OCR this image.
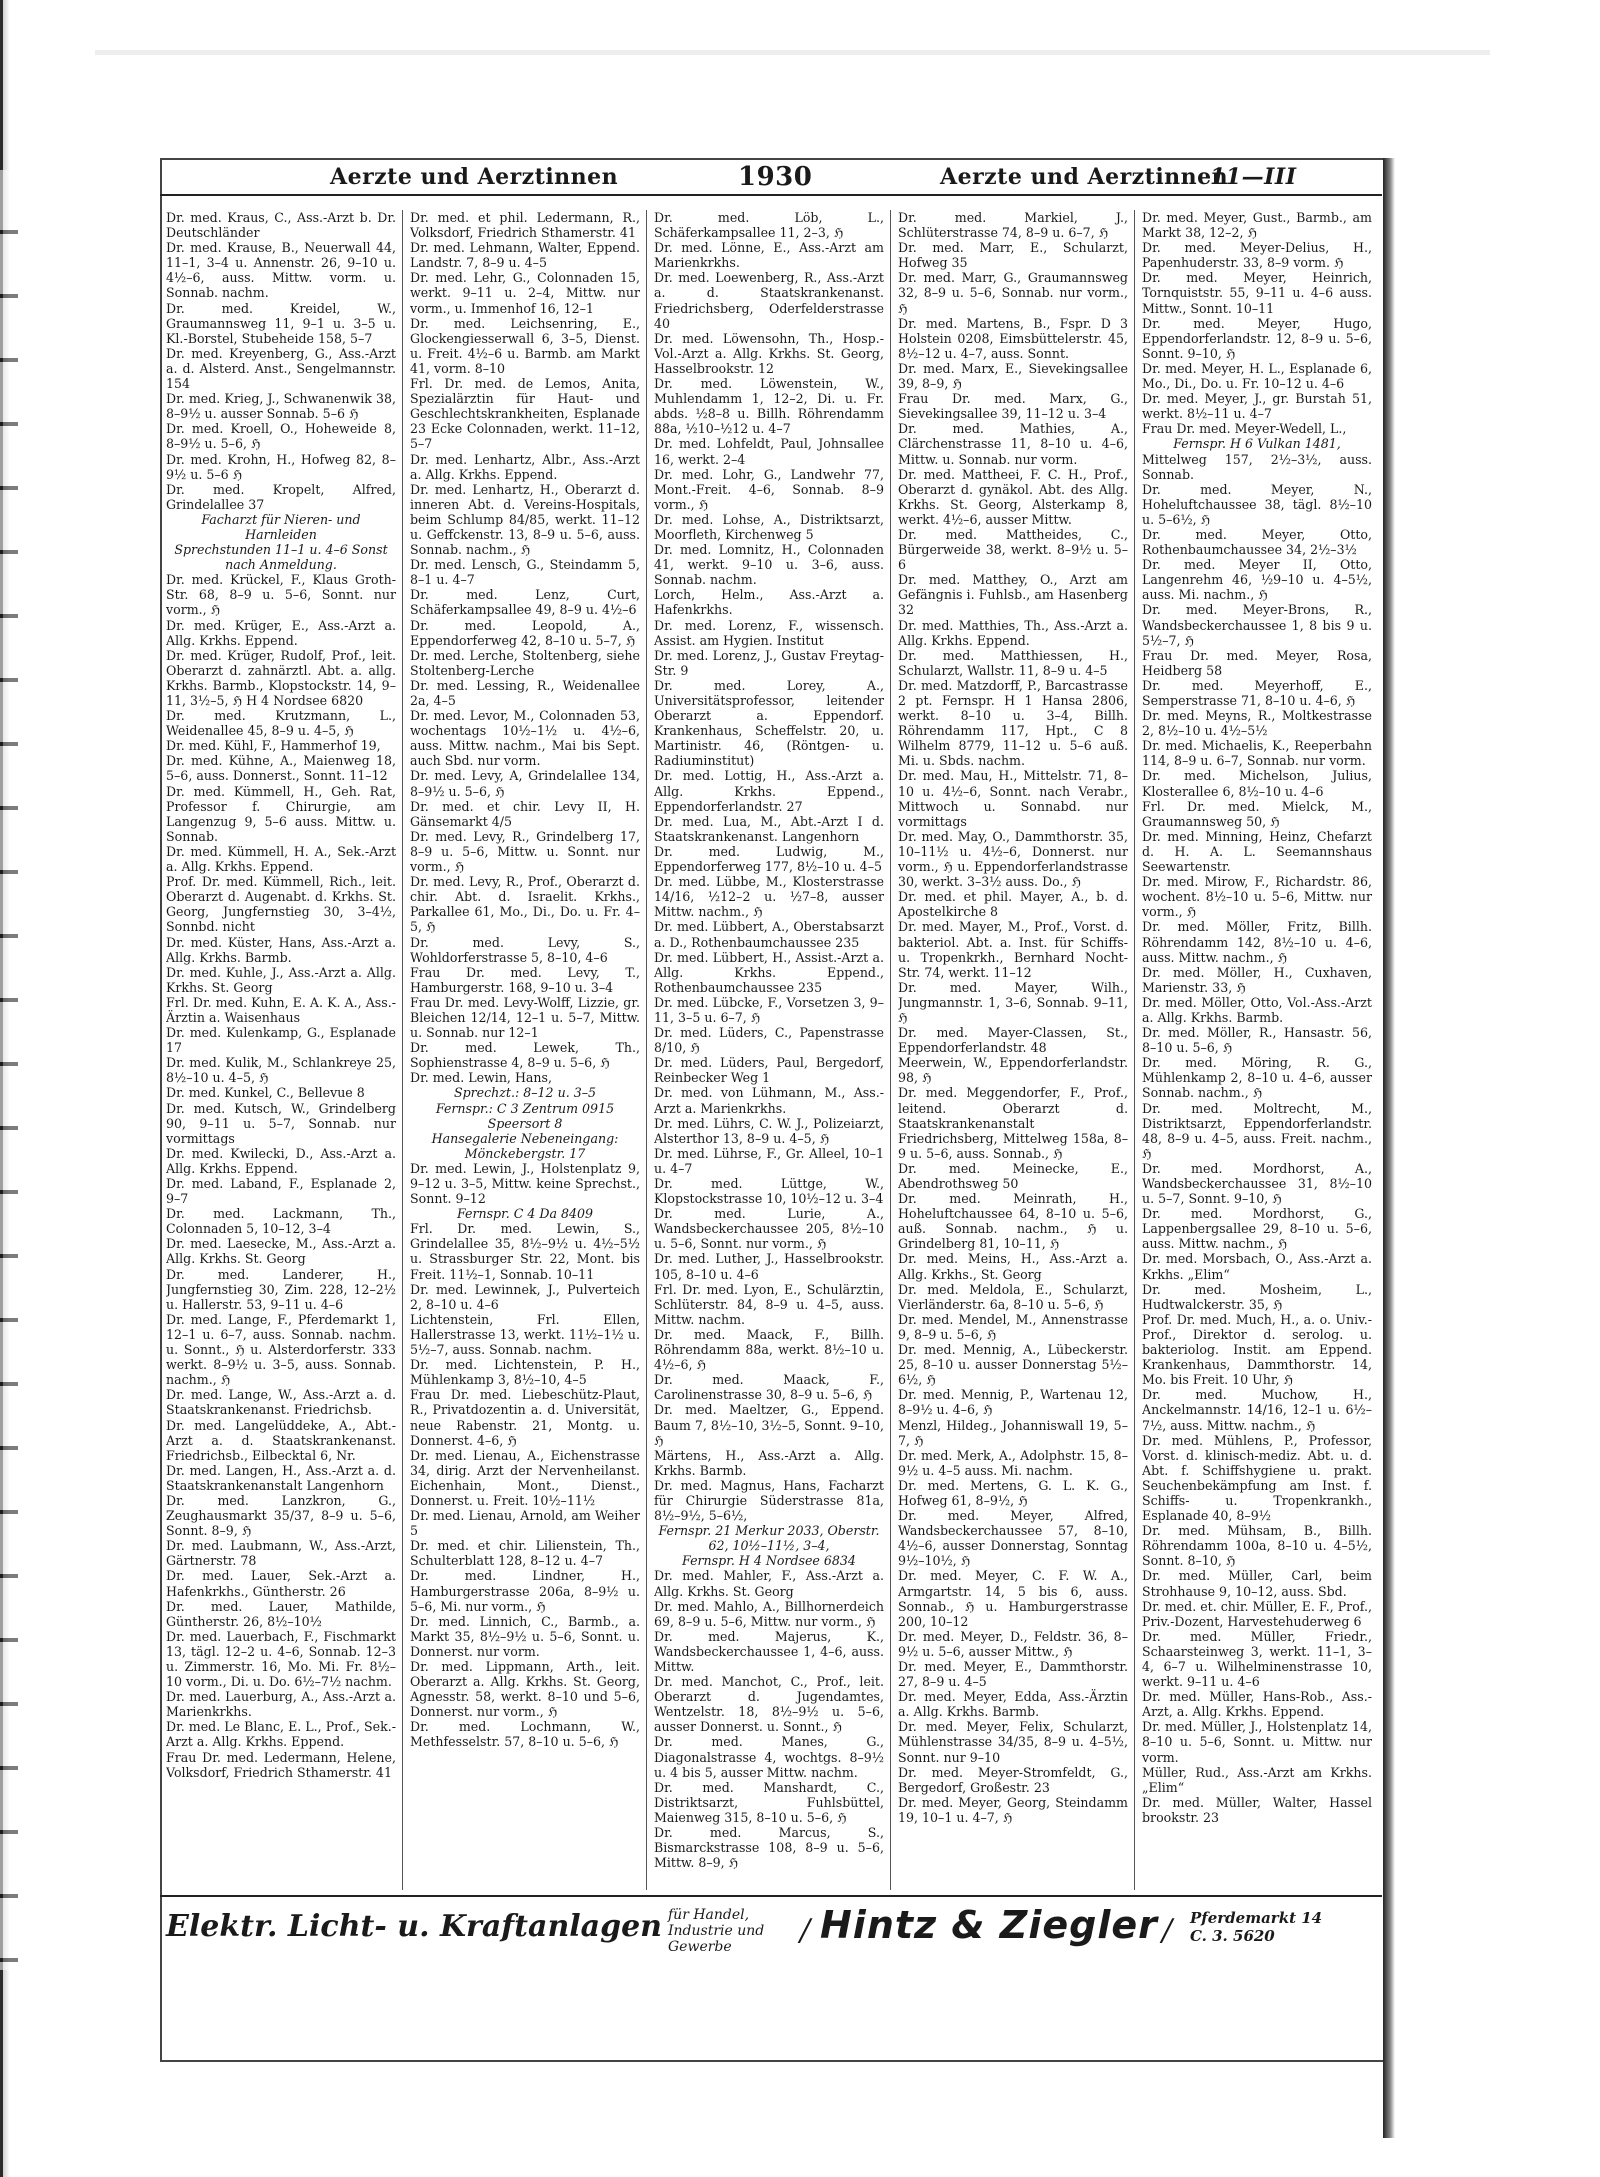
Aerzte und Aerztinnen	1930	Aerzte und Aerztinnen
11—III
Dr. med. Kraus, C., Ass.-Arzt b. Dr. Deutschländer
Dr. med. Krause, B., Neuerwall 44, 11–1, 3–4 u. Annenstr. 26, 9–10 u. 4½–6, auss. Mittw. vorm. u. Sonnab. nachm.
Dr. med. Kreidel, W., Graumannsweg 11, 9–1 u. 3–5 u. Kl.-Borstel, Stubeheide 158, 5–7
Dr. med. Kreyenberg, G., Ass.-Arzt a. d. Alsterd. Anst., Sengelmannstr. 154
Dr. med. Krieg, J., Schwanenwik 38, 8–9½ u. ausser Sonnab. 5–6 ℌ
Dr. med. Kroell, O., Hoheweide 8, 8–9½ u. 5–6, ℌ
Dr. med. Krohn, H., Hofweg 82, 8–9½ u. 5–6 ℌ
Dr. med. Kropelt, Alfred, Grindelallee 37
Facharzt für Nieren- und Harnleiden
Sprechstunden 11–1 u. 4–6 Sonst nach Anmeldung.
Dr. med. Krückel, F., Klaus Groth-Str. 68, 8–9 u. 5–6, Sonnt. nur vorm., ℌ
Dr. med. Krüger, E., Ass.-Arzt a. Allg. Krkhs. Eppend.
Dr. med. Krüger, Rudolf, Prof., leit. Oberarzt d. zahnärztl. Abt. a. allg. Krkhs. Barmb., Klopstockstr. 14, 9–11, 3½–5, ℌ H 4 Nordsee 6820
Dr. med. Krutzmann, L., Weidenallee 45, 8–9 u. 4–5, ℌ
Dr. med. Kühl, F., Hammerhof 19,
Dr. med. Kühne, A., Maienweg 18, 5–6, auss. Donnerst., Sonnt. 11–12
Dr. med. Kümmell, H., Geh. Rat, Professor f. Chirurgie, am Langenzug 9, 5–6 auss. Mittw. u. Sonnab.
Dr. med. Kümmell, H. A., Sek.-Arzt a. Allg. Krkhs. Eppend.
Prof. Dr. med. Kümmell, Rich., leit. Oberarzt d. Augenabt. d. Krkhs. St. Georg, Jungfernstieg 30, 3–4½, Sonnbd. nicht
Dr. med. Küster, Hans, Ass.-Arzt a. Allg. Krkhs. Barmb.
Dr. med. Kuhle, J., Ass.-Arzt a. Allg. Krkhs. St. Georg
Frl. Dr. med. Kuhn, E. A. K. A., Ass.-Ärztin a. Waisenhaus
Dr. med. Kulenkamp, G., Esplanade 17
Dr. med. Kulik, M., Schlankreye 25, 8½–10 u. 4–5, ℌ
Dr. med. Kunkel, C., Bellevue 8
Dr. med. Kutsch, W., Grindelberg 90, 9–11 u. 5–7, Sonnab. nur vormittags
Dr. med. Kwilecki, D., Ass.-Arzt a. Allg. Krkhs. Eppend.
Dr. med. Laband, F., Esplanade 2, 9–7
Dr. med. Lackmann, Th., Colonnaden 5, 10–12, 3–4
Dr. med. Laesecke, M., Ass.-Arzt a. Allg. Krkhs. St. Georg
Dr. med. Landerer, H., Jungfernstieg 30, Zim. 228, 12–2½ u. Hallerstr. 53, 9–11 u. 4–6
Dr. med. Lange, F., Pferdemarkt 1, 12–1 u. 6–7, auss. Sonnab. nachm. u. Sonnt., ℌ u. Alsterdorferstr. 333 werkt. 8–9½ u. 3–5, auss. Sonnab. nachm., ℌ
Dr. med. Lange, W., Ass.-Arzt a. d. Staatskrankenanst. Friedrichsb.
Dr. med. Langelüddeke, A., Abt.-Arzt a. d. Staatskrankenanst. Friedrichsb., Eilbecktal 6, Nr.
Dr. med. Langen, H., Ass.-Arzt a. d. Staatskrankenanstalt Langenhorn
Dr. med. Lanzkron, G., Zeughausmarkt 35/37, 8–9 u. 5–6, Sonnt. 8–9, ℌ
Dr. med. Laubmann, W., Ass.-Arzt, Gärtnerstr. 78
Dr. med. Lauer, Sek.-Arzt a. Hafenkrkhs., Güntherstr. 26
Dr. med. Lauer, Mathilde, Güntherstr. 26, 8½–10½
Dr. med. Lauerbach, F., Fischmarkt 13, tägl. 12–2 u. 4–6, Sonnab. 12–3 u. Zimmerstr. 16, Mo. Mi. Fr. 8½–10 vorm., Di. u. Do. 6½–7½ nachm.
Dr. med. Lauerburg, A., Ass.-Arzt a. Marienkrkhs.
Dr. med. Le Blanc, E. L., Prof., Sek.-Arzt a. Allg. Krkhs. Eppend.
Frau Dr. med. Ledermann, Helene, Volksdorf, Friedrich Sthamerstr. 41
Dr. med. et phil. Ledermann, R., Volksdorf, Friedrich Sthamerstr. 41
Dr. med. Lehmann, Walter, Eppend. Landstr. 7, 8–9 u. 4–5
Dr. med. Lehr, G., Colonnaden 15, werkt. 9–11 u. 2–4, Mittw. nur vorm., u. Immenhof 16, 12–1
Dr. med. Leichsenring, E., Glockengiesserwall 6, 3–5, Dienst. u. Freit. 4½–6 u. Barmb. am Markt 41, vorm. 8–10
Frl. Dr. med. de Lemos, Anita, Spezialärztin für Haut- und Geschlechtskrankheiten, Esplanade 23 Ecke Colonnaden, werkt. 11–12, 5–7
Dr. med. Lenhartz, Albr., Ass.-Arzt a. Allg. Krkhs. Eppend.
Dr. med. Lenhartz, H., Oberarzt d. inneren Abt. d. Vereins-Hospitals, beim Schlump 84/85, werkt. 11–12 u. Geffckenstr. 13, 8–9 u. 5–6, auss. Sonnab. nachm., ℌ
Dr. med. Lensch, G., Steindamm 5, 8–1 u. 4–7
Dr. med. Lenz, Curt, Schäferkampsallee 49, 8–9 u. 4½–6
Dr. med. Leopold, A., Eppendorferweg 42, 8–10 u. 5–7, ℌ
Dr. med. Lerche, Stoltenberg, siehe Stoltenberg-Lerche
Dr. med. Lessing, R., Weidenallee 2a, 4–5
Dr. med. Levor, M., Colonnaden 53, wochentags 10½–1½ u. 4½–6, auss. Mittw. nachm., Mai bis Sept. auch Sbd. nur vorm.
Dr. med. Levy, A, Grindelallee 134, 8–9½ u. 5–6, ℌ
Dr. med. et chir. Levy II, H. Gänsemarkt 4/5
Dr. med. Levy, R., Grindelberg 17, 8–9 u. 5–6, Mittw. u. Sonnt. nur vorm., ℌ
Dr. med. Levy, R., Prof., Oberarzt d. chir. Abt. d. Israelit. Krkhs., Parkallee 61, Mo., Di., Do. u. Fr. 4–5, ℌ
Dr. med. Levy, S., Wohldorferstrasse 5, 8–10, 4–6
Frau Dr. med. Levy, T., Hamburgerstr. 168, 9–10 u. 3–4
Frau Dr. med. Levy-Wolff, Lizzie, gr. Bleichen 12/14, 12–1 u. 5–7, Mittw. u. Sonnab. nur 12–1
Dr. med. Lewek, Th., Sophienstrasse 4, 8–9 u. 5–6, ℌ
Dr. med. Lewin, Hans,
Sprechzt.: 8–12 u. 3–5
Fernspr.: C 3 Zentrum 0915 Speersort 8
Hansegalerie Nebeneingang: Mönckebergstr. 17
Dr. med. Lewin, J., Holstenplatz 9, 9–12 u. 3–5, Mittw. keine Sprechst., Sonnt. 9–12
Fernspr. C 4 Da 8409
Frl. Dr. med. Lewin, S., Grindelallee 35, 8½–9½ u. 4½–5½ u. Strassburger Str. 22, Mont. bis Freit. 11½–1, Sonnab. 10–11
Dr. med. Lewinnek, J., Pulverteich 2, 8–10 u. 4–6
Lichtenstein, Frl. Ellen, Hallerstrasse 13, werkt. 11½–1½ u. 5½–7, auss. Sonnab. nachm.
Dr. med. Lichtenstein, P. H., Mühlenkamp 3, 8½–10, 4–5
Frau Dr. med. Liebeschütz-Plaut, R., Privatdozentin a. d. Universität, neue Rabenstr. 21, Montg. u. Donnerst. 4–6, ℌ
Dr. med. Lienau, A., Eichenstrasse 34, dirig. Arzt der Nervenheilanst. Eichenhain, Mont., Dienst., Donnerst. u. Freit. 10½–11½
Dr. med. Lienau, Arnold, am Weiher 5
Dr. med. et chir. Lilienstein, Th., Schulterblatt 128, 8–12 u. 4–7
Dr. med. Lindner, H., Hamburgerstrasse 206a, 8–9½ u. 5–6, Mi. nur vorm., ℌ
Dr. med. Linnich, C., Barmb., a. Markt 35, 8½–9½ u. 5–6, Sonnt. u. Donnerst. nur vorm.
Dr. med. Lippmann, Arth., leit. Oberarzt a. Allg. Krkhs. St. Georg, Agnesstr. 58, werkt. 8–10 und 5–6, Donnerst. nur vorm., ℌ
Dr. med. Lochmann, W., Methfesselstr. 57, 8–10 u. 5–6, ℌ
Dr. med. Löb, L., Schäferkampsallee 11, 2–3, ℌ
Dr. med. Lönne, E., Ass.-Arzt am Marienkrkhs.
Dr. med. Loewenberg, R., Ass.-Arzt a. d. Staatskrankenanst. Friedrichsberg, Oderfelderstrasse 40
Dr. med. Löwensohn, Th., Hosp.-Vol.-Arzt a. Allg. Krkhs. St. Georg, Hasselbrookstr. 12
Dr. med. Löwenstein, W., Muhlendamm 1, 12–2, Di. u. Fr. abds. ½8–8 u. Billh. Röhrendamm 88a, ½10–½12 u. 4–7
Dr. med. Lohfeldt, Paul, Johnsallee 16, werkt. 2–4
Dr. med. Lohr, G., Landwehr 77, Mont.-Freit. 4–6, Sonnab. 8–9 vorm., ℌ
Dr. med. Lohse, A., Distriktsarzt, Moorfleth, Kirchenweg 5
Dr. med. Lomnitz, H., Colonnaden 41, werkt. 9–10 u. 3–6, auss. Sonnab. nachm.
Lorch, Helm., Ass.-Arzt a. Hafenkrkhs.
Dr. med. Lorenz, F., wissensch. Assist. am Hygien. Institut
Dr. med. Lorenz, J., Gustav Freytag-Str. 9
Dr. med. Lorey, A., Universitätsprofessor, leitender Oberarzt a. Eppendorf. Krankenhaus, Scheffelstr. 20, u. Martinistr. 46, (Röntgen- u. Radiuminstitut)
Dr. med. Lottig, H., Ass.-Arzt a. Allg. Krkhs. Eppend., Eppendorferlandstr. 27
Dr. med. Lua, M., Abt.-Arzt I d. Staatskrankenanst. Langenhorn
Dr. med. Ludwig, M., Eppendorferweg 177, 8½–10 u. 4–5
Dr. med. Lübbe, M., Klosterstrasse 14/16, ½12–2 u. ½7–8, ausser Mittw. nachm., ℌ
Dr. med. Lübbert, A., Oberstabsarzt a. D., Rothenbaumchaussee 235
Dr. med. Lübbert, H., Assist.-Arzt a. Allg. Krkhs. Eppend., Rothenbaumchaussee 235
Dr. med. Lübcke, F., Vorsetzen 3, 9–11, 3–5 u. 6–7, ℌ
Dr. med. Lüders, C., Papenstrasse 8/10, ℌ
Dr. med. Lüders, Paul, Bergedorf, Reinbecker Weg 1
Dr. med. von Lühmann, M., Ass.-Arzt a. Marienkrkhs.
Dr. med. Lührs, C. W. J., Polizeiarzt, Alsterthor 13, 8–9 u. 4–5, ℌ
Dr. med. Lührse, F., Gr. Alleel, 10–1 u. 4–7
Dr. med. Lüttge, W., Klopstockstrasse 10, 10½–12 u. 3–4
Dr. med. Lurie, A., Wandsbeckerchaussee 205, 8½–10 u. 5–6, Sonnt. nur vorm., ℌ
Dr. med. Luther, J., Hasselbrookstr. 105, 8–10 u. 4–6
Frl. Dr. med. Lyon, E., Schulärztin, Schlüterstr. 84, 8–9 u. 4–5, auss. Mittw. nachm.
Dr. med. Maack, F., Billh. Röhrendamm 88a, werkt. 8½–10 u. 4½–6, ℌ
Dr. med. Maack, F., Carolinenstrasse 30, 8–9 u. 5–6, ℌ
Dr. med. Maeltzer, G., Eppend. Baum 7, 8½–10, 3½–5, Sonnt. 9–10, ℌ
Märtens, H., Ass.-Arzt a. Allg. Krkhs. Barmb.
Dr. med. Magnus, Hans, Facharzt für Chirurgie Süderstrasse 81a, 8½–9½, 5–6½,
Fernspr. 21 Merkur 2033, Oberstr. 62, 10½–11½, 3–4,
Fernspr. H 4 Nordsee 6834
Dr. med. Mahler, F., Ass.-Arzt a. Allg. Krkhs. St. Georg
Dr. med. Mahlo, A., Billhornerdeich 69, 8–9 u. 5–6, Mittw. nur vorm., ℌ
Dr. med. Majerus, K., Wandsbeckerchaussee 1, 4–6, auss. Mittw.
Dr. med. Manchot, C., Prof., leit. Oberarzt d. Jugendamtes, Wentzelstr. 18, 8½–9½ u. 5–6, ausser Donnerst. u. Sonnt., ℌ
Dr. med. Manes, G., Diagonalstrasse 4, wochtgs. 8–9½ u. 4 bis 5, ausser Mittw. nachm.
Dr. med. Manshardt, C., Distriktsarzt, Fuhlsbüttel, Maienweg 315, 8–10 u. 5–6, ℌ
Dr. med. Marcus, S., Bismarckstrasse 108, 8–9 u. 5–6, Mittw. 8–9, ℌ
Dr. med. Markiel, J., Schlüterstrasse 74, 8–9 u. 6–7, ℌ
Dr. med. Marr, E., Schularzt, Hofweg 35
Dr. med. Marr, G., Graumannsweg 32, 8–9 u. 5–6, Sonnab. nur vorm., ℌ
Dr. med. Martens, B., Fspr. D 3 Holstein 0208, Eimsbüttelerstr. 45, 8½–12 u. 4–7, auss. Sonnt.
Dr. med. Marx, E., Sievekingsallee 39, 8–9, ℌ
Frau Dr. med. Marx, G., Sievekingsallee 39, 11–12 u. 3–4
Dr. med. Mathies, A., Clärchenstrasse 11, 8–10 u. 4–6, Mittw. u. Sonnab. nur vorm.
Dr. med. Mattheei, F. C. H., Prof., Oberarzt d. gynäkol. Abt. des Allg. Krkhs. St. Georg, Alsterkamp 8, werkt. 4½–6, ausser Mittw.
Dr. med. Mattheides, C., Bürgerweide 38, werkt. 8–9½ u. 5–6
Dr. med. Matthey, O., Arzt am Gefängnis i. Fuhlsb., am Hasenberg 32
Dr. med. Matthies, Th., Ass.-Arzt a. Allg. Krkhs. Eppend.
Dr. med. Matthiessen, H., Schularzt, Wallstr. 11, 8–9 u. 4–5
Dr. med. Matzdorff, P., Barcastrasse 2 pt. Fernspr. H 1 Hansa 2806, werkt. 8–10 u. 3–4, Billh. Röhrendamm 117, Hpt., C 8 Wilhelm 8779, 11–12 u. 5–6 auß. Mi. u. Sbds. nachm.
Dr. med. Mau, H., Mittelstr. 71, 8–10 u. 4½–6, Sonnt. nach Verabr., Mittwoch u. Sonnabd. nur vormittags
Dr. med. May, O., Dammthorstr. 35, 10–11½ u. 4½–6, Donnerst. nur vorm., ℌ u. Eppendorferlandstrasse 30, werkt. 3–3½ auss. Do., ℌ
Dr. med. et phil. Mayer, A., b. d. Apostelkirche 8
Dr. med. Mayer, M., Prof., Vorst. d. bakteriol. Abt. a. Inst. für Schiffs- u. Tropenkrkh., Bernhard Nocht-Str. 74, werkt. 11–12
Dr. med. Mayer, Wilh., Jungmannstr. 1, 3–6, Sonnab. 9–11, ℌ
Dr. med. Mayer-Classen, St., Eppendorferlandstr. 48
Meerwein, W., Eppendorferlandstr. 98, ℌ
Dr. med. Meggendorfer, F., Prof., leitend. Oberarzt d. Staatskrankenanstalt Friedrichsberg, Mittelweg 158a, 8–9 u. 5–6, auss. Sonnab., ℌ
Dr. med. Meinecke, E., Abendrothsweg 50
Dr. med. Meinrath, H., Hoheluftchaussee 64, 8–10 u. 5–6, auß. Sonnab. nachm., ℌ u. Grindelberg 81, 10–11, ℌ
Dr. med. Meins, H., Ass.-Arzt a. Allg. Krkhs., St. Georg
Dr. med. Meldola, E., Schularzt, Vierländerstr. 6a, 8–10 u. 5–6, ℌ
Dr. med. Mendel, M., Annenstrasse 9, 8–9 u. 5–6, ℌ
Dr. med. Mennig, A., Lübeckerstr. 25, 8–10 u. ausser Donnerstag 5½–6½, ℌ
Dr. med. Mennig, P., Wartenau 12, 8–9½ u. 4–6, ℌ
Menzl, Hildeg., Johanniswall 19, 5–7, ℌ
Dr. med. Merk, A., Adolphstr. 15, 8–9½ u. 4–5 auss. Mi. nachm.
Dr. med. Mertens, G. L. K. G., Hofweg 61, 8–9½, ℌ
Dr. med. Meyer, Alfred, Wandsbeckerchaussee 57, 8–10, 4½–6, ausser Donnerstag, Sonntag 9½–10½, ℌ
Dr. med. Meyer, C. F. W. A., Armgartstr. 14, 5 bis 6, auss. Sonnab., ℌ u. Hamburgerstrasse 200, 10–12
Dr. med. Meyer, D., Feldstr. 36, 8–9½ u. 5–6, ausser Mittw., ℌ
Dr. med. Meyer, E., Dammthorstr. 27, 8–9 u. 4–5
Dr. med. Meyer, Edda, Ass.-Ärztin a. Allg. Krkhs. Barmb.
Dr. med. Meyer, Felix, Schularzt, Mühlenstrasse 34/35, 8–9 u. 4–5½, Sonnt. nur 9–10
Dr. med. Meyer-Stromfeldt, G., Bergedorf, Großestr. 23
Dr. med. Meyer, Georg, Steindamm 19, 10–1 u. 4–7, ℌ
Dr. med. Meyer, Gust., Barmb., am Markt 38, 12–2, ℌ
Dr. med. Meyer-Delius, H., Papenhuderstr. 33, 8–9 vorm. ℌ
Dr. med. Meyer, Heinrich, Tornquiststr. 55, 9–11 u. 4–6 auss. Mittw., Sonnt. 10–11
Dr. med. Meyer, Hugo, Eppendorferlandstr. 12, 8–9 u. 5–6, Sonnt. 9–10, ℌ
Dr. med. Meyer, H. L., Esplanade 6, Mo., Di., Do. u. Fr. 10–12 u. 4–6
Dr. med. Meyer, J., gr. Burstah 51, werkt. 8½–11 u. 4–7
Frau Dr. med. Meyer-Wedell, L.,
Fernspr. H 6 Vulkan 1481,
Mittelweg 157, 2½–3½, auss. Sonnab.
Dr. med. Meyer, N., Hoheluftchaussee 38, tägl. 8½–10 u. 5–6½, ℌ
Dr. med. Meyer, Otto, Rothenbaumchaussee 34, 2½–3½
Dr. med. Meyer II, Otto, Langenrehm 46, ½9–10 u. 4–5½, auss. Mi. nachm., ℌ
Dr. med. Meyer-Brons, R., Wandsbeckerchaussee 1, 8 bis 9 u. 5½–7, ℌ
Frau Dr. med. Meyer, Rosa, Heidberg 58
Dr. med. Meyerhoff, E., Semperstrasse 71, 8–10 u. 4–6, ℌ
Dr. med. Meyns, R., Moltkestrasse 2, 8½–10 u. 4½–5½
Dr. med. Michaelis, K., Reeperbahn 114, 8–9 u. 6–7, Sonnab. nur vorm.
Dr. med. Michelson, Julius, Klosterallee 6, 8½–10 u. 4–6
Frl. Dr. med. Mielck, M., Graumannsweg 50, ℌ
Dr. med. Minning, Heinz, Chefarzt d. H. A. L. Seemannshaus Seewartenstr.
Dr. med. Mirow, F., Richardstr. 86, wochent. 8½–10 u. 5–6, Mittw. nur vorm., ℌ
Dr. med. Möller, Fritz, Billh. Röhrendamm 142, 8½–10 u. 4–6, auss. Mittw. nachm., ℌ
Dr. med. Möller, H., Cuxhaven, Marienstr. 33, ℌ
Dr. med. Möller, Otto, Vol.-Ass.-Arzt a. Allg. Krkhs. Barmb.
Dr. med. Möller, R., Hansastr. 56, 8–10 u. 5–6, ℌ
Dr. med. Möring, R. G., Mühlenkamp 2, 8–10 u. 4–6, ausser Sonnab. nachm., ℌ
Dr. med. Moltrecht, M., Distriktsarzt, Eppendorferlandstr. 48, 8–9 u. 4–5, auss. Freit. nachm., ℌ
Dr. med. Mordhorst, A., Wandsbeckerchaussee 31, 8½–10 u. 5–7, Sonnt. 9–10, ℌ
Dr. med. Mordhorst, G., Lappenbergsallee 29, 8–10 u. 5–6, auss. Mittw. nachm., ℌ
Dr. med. Morsbach, O., Ass.-Arzt a. Krkhs. „Elim“
Dr. med. Mosheim, L., Hudtwalckerstr. 35, ℌ
Prof. Dr. med. Much, H., a. o. Univ.-Prof., Direktor d. serolog. u. bakteriolog. Instit. am Eppend. Krankenhaus, Dammthorstr. 14, Mo. bis Freit. 10 Uhr, ℌ
Dr. med. Muchow, H., Anckelmannstr. 14/16, 12–1 u. 6½–7½, auss. Mittw. nachm., ℌ
Dr. med. Mühlens, P., Professor, Vorst. d. klinisch-mediz. Abt. u. d. Abt. f. Schiffshygiene u. prakt. Seuchenbekämpfung am Inst. f. Schiffs- u. Tropenkrankh., Esplanade 40, 8–9½
Dr. med. Mühsam, B., Billh. Röhrendamm 100a, 8–10 u. 4–5½, Sonnt. 8–10, ℌ
Dr. med. Müller, Carl, beim Strohhause 9, 10–12, auss. Sbd.
Dr. med. et. chir. Müller, E. F., Prof., Priv.-Dozent, Harvestehuderweg 6
Dr. med. Müller, Friedr., Schaarsteinweg 3, werkt. 11–1, 3–4, 6–7 u. Wilhelminenstrasse 10, werkt. 9–11 u. 4–6
Dr. med. Müller, Hans-Rob., Ass.-Arzt, a. Allg. Krkhs. Eppend.
Dr. med. Müller, J., Holstenplatz 14, 8–10 u. 5–6, Sonnt. u. Mittw. nur vorm.
Müller, Rud., Ass.-Arzt am Krkhs. „Elim“
Dr. med. Müller, Walter, Hassel brookstr. 23
Elektr. Licht- u. Kraftanlagen für Handel, Industrie und Gewerbe	/ Hintz & Ziegler / Pferdemarkt 14
C. 3. 5620
